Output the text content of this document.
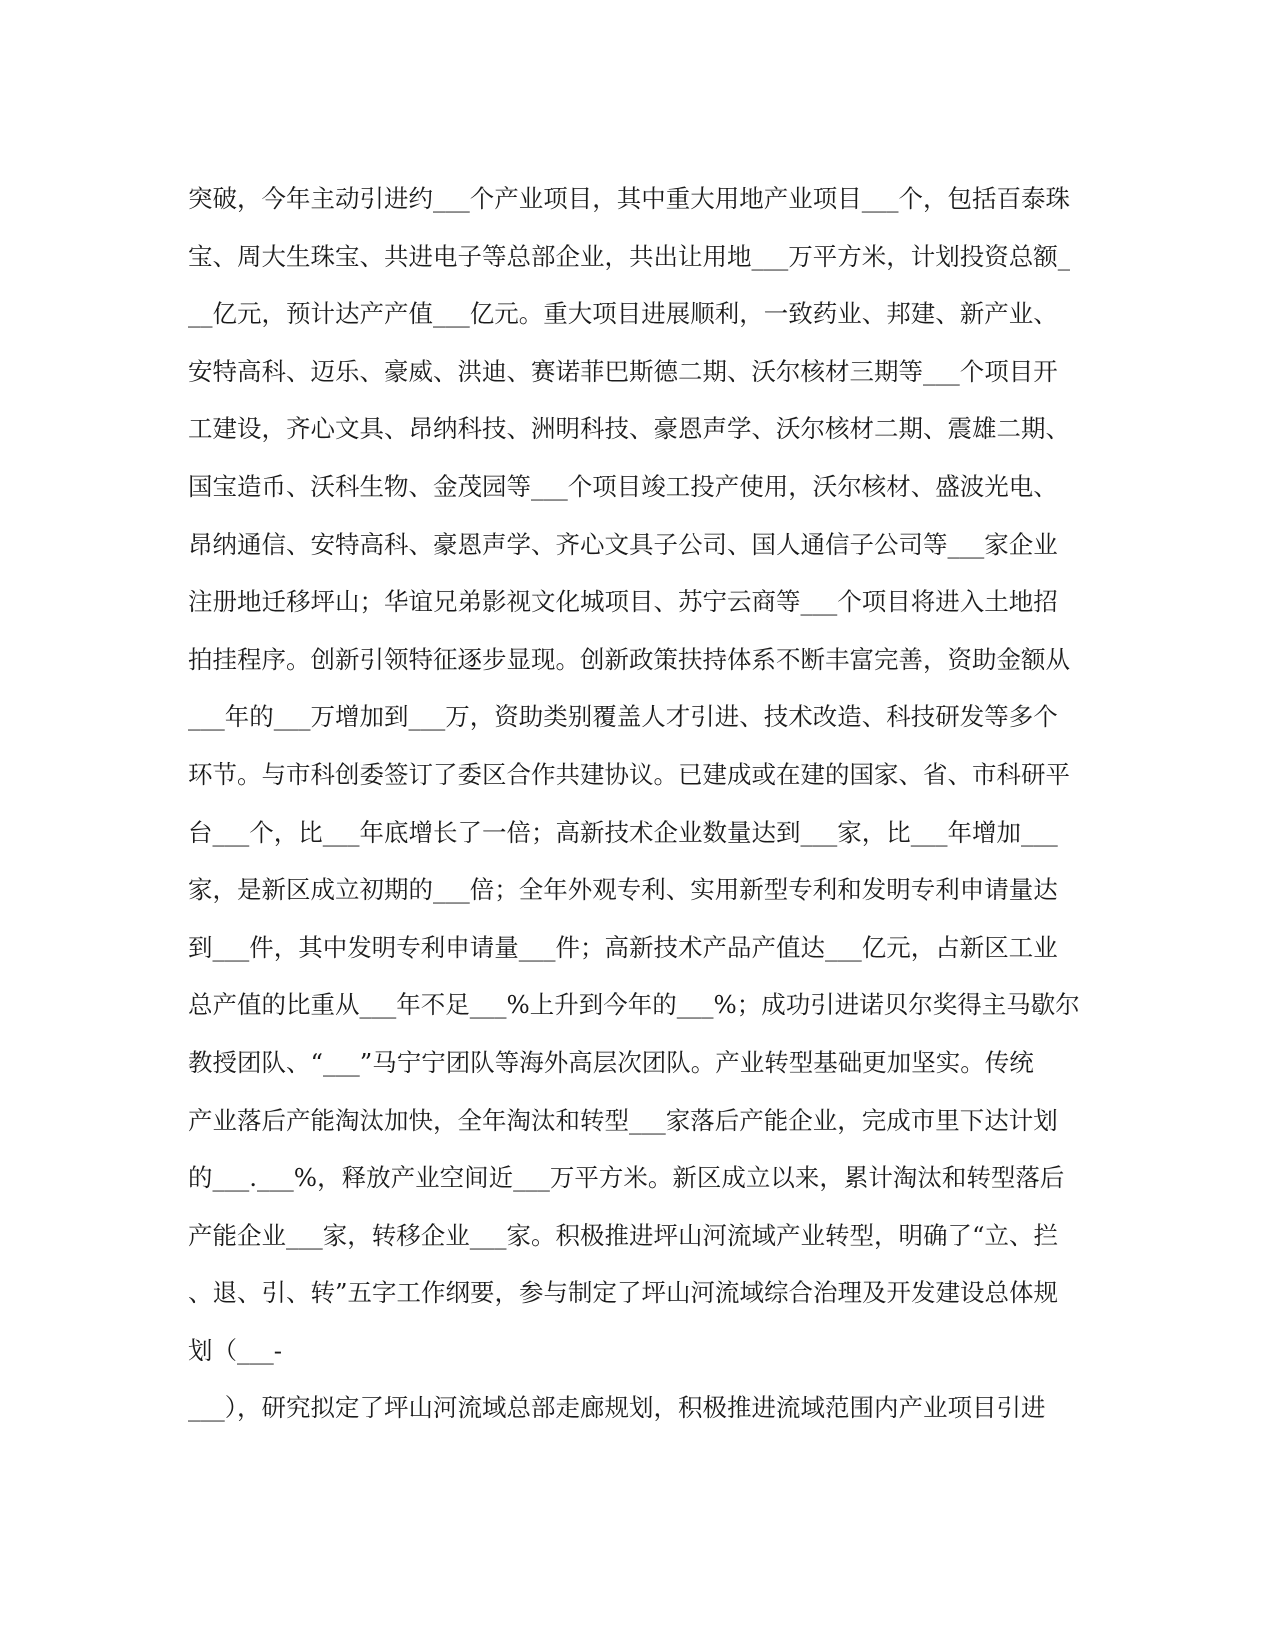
突破，今年主动引进约___个产业项目，其中重大用地产业项目___个，包括百泰珠
宝、周大生珠宝、共进电子等总部企业，共出让用地___万平方米，计划投资总额_
__亿元，预计达产产值___亿元。重大项目进展顺利，一致药业、邦建、新产业、
安特高科、迈乐、豪威、洪迪、赛诺菲巴斯德二期、沃尔核材三期等___个项目开
工建设，齐心文具、昂纳科技、洲明科技、豪恩声学、沃尔核材二期、震雄二期、
国宝造币、沃科生物、金茂园等___个项目竣工投产使用，沃尔核材、盛波光电、
昂纳通信、安特高科、豪恩声学、齐心文具子公司、国人通信子公司等___家企业
注册地迁移坪山；华谊兄弟影视文化城项目、苏宁云商等___个项目将进入土地招
拍挂程序。创新引领特征逐步显现。创新政策扶持体系不断丰富完善，资助金额从
___年的___万增加到___万，资助类别覆盖人才引进、技术改造、科技研发等多个
环节。与市科创委签订了委区合作共建协议。已建成或在建的国家、省、市科研平
台___个，比___年底增长了一倍；高新技术企业数量达到___家，比___年增加___
家，是新区成立初期的___倍；全年外观专利、实用新型专利和发明专利申请量达
到___件，其中发明专利申请量___件；高新技术产品产值达___亿元，占新区工业
总产值的比重从___年不足___%上升到今年的___%；成功引进诺贝尔奖得主马歇尔
教授团队、“___”马宁宁团队等海外高层次团队。产业转型基础更加坚实。传统
产业落后产能淘汰加快，全年淘汰和转型___家落后产能企业，完成市里下达计划
的___.___%，释放产业空间近___万平方米。新区成立以来，累计淘汰和转型落后
产能企业___家，转移企业___家。积极推进坪山河流域产业转型，明确了“立、拦
、退、引、转”五字工作纲要，参与制定了坪山河流域综合治理及开发建设总体规
划（___-
___），研究拟定了坪山河流域总部走廊规划，积极推进流域范围内产业项目引进
